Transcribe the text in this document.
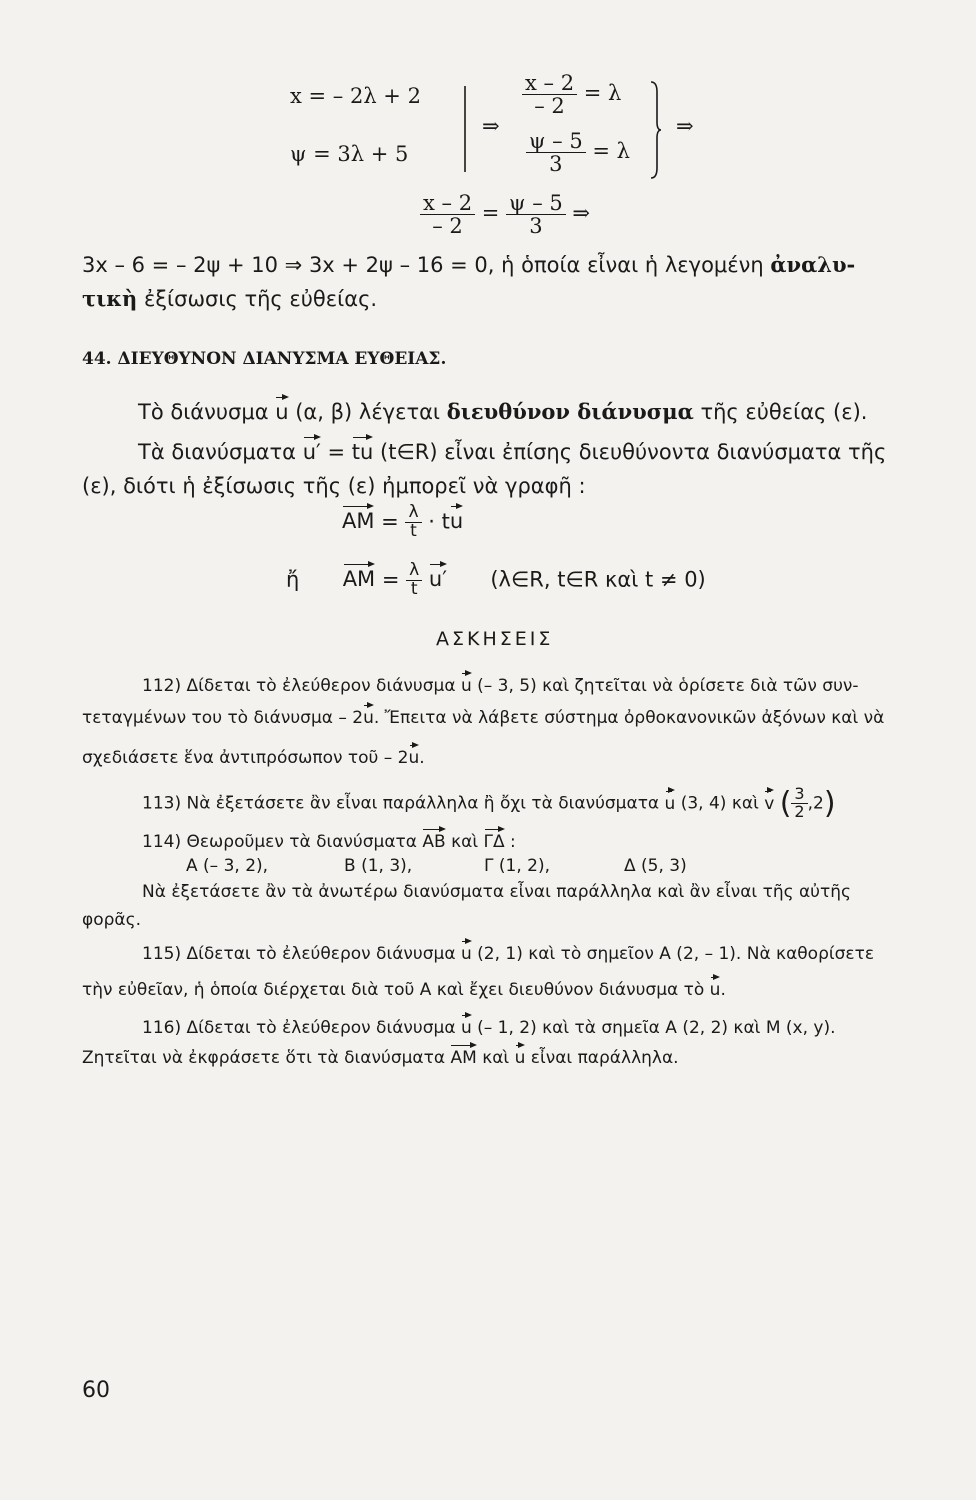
x = – 2λ + 2
ψ = 3λ + 5
⇒
$\frac{x - 2}{- 2} = \lambda$
$\frac{\psi - 5}{3} = \lambda$
⇒
$\frac{x - 2}{- 2} = \frac{\psi - 5}{3}$ ⇒
3x – 6 = – 2ψ + 10 ⇒ 3x + 2ψ – 16 = 0, ἡ ὁποία εἶναι ἡ λεγομένη ἀναλυ-
τικὴ ἐξίσωσις τῆς εὐθείας.
44. ΔΙΕΥΘΥΝΟΝ ΔΙΑΝΥΣΜΑ ΕΥΘΕΙΑΣ.
Τὸ διάνυσμα u (α, β) λέγεται διευθύνον διάνυσμα τῆς εὐθείας (ε).
Τὰ διανύσματα u′ = tu (t∈R) εἶναι ἐπίσης διευθύνοντα διανύσματα τῆς
(ε), διότι ἡ ἐξίσωσις τῆς (ε) ἠμπορεῖ νὰ γραφῆ :
AM = $\frac{\lambda}{t}$ · tu
ἤ AM = $\frac{\lambda}{t} u'$ (λ∈R, t∈R καὶ t ≠ 0)
ΑΣΚΗΣΕΙΣ
112) Δίδεται τὸ ἐλεύθερον διάνυσμα u (– 3, 5) καὶ ζητεῖται νὰ ὁρίσετε διὰ τῶν συν-
τεταγμένων του τὸ διάνυσμα – 2u. Ἔπειτα νὰ λάβετε σύστημα ὀρθοκανονικῶν ἀξόνων καὶ νὰ
σχεδιάσετε ἕνα ἀντιπρόσωπον τοῦ – 2u.
113) Νὰ ἐξετάσετε ἂν εἶναι παράλληλα ἢ ὄχι τὰ διανύσματα u (3, 4) καὶ v ( $\frac{3}{2} ,2$)
114) Θεωροῦμεν τὰ διανύσματα AB καὶ ΓΔ :
A (– 3, 2),	B (1, 3),	Γ (1, 2),	Δ (5, 3)
Νὰ ἐξετάσετε ἂν τὰ ἀνωτέρω διανύσματα εἶναι παράλληλα καὶ ἂν εἶναι τῆς αὐτῆς
φορᾶς.
115) Δίδεται τὸ ἐλεύθερον διάνυσμα u (2, 1) καὶ τὸ σημεῖον A (2, – 1). Νὰ καθορίσετε
τὴν εὐθεῖαν, ἡ ὁποία διέρχεται διὰ τοῦ A καὶ ἔχει διευθύνον διάνυσμα τὸ u.
116) Δίδεται τὸ ἐλεύθερον διάνυσμα u (– 1, 2) καὶ τὰ σημεῖα A (2, 2) καὶ M (x, y).
Ζητεῖται νὰ ἐκφράσετε ὅτι τὰ διανύσματα AM καὶ u εἶναι παράλληλα.
60
